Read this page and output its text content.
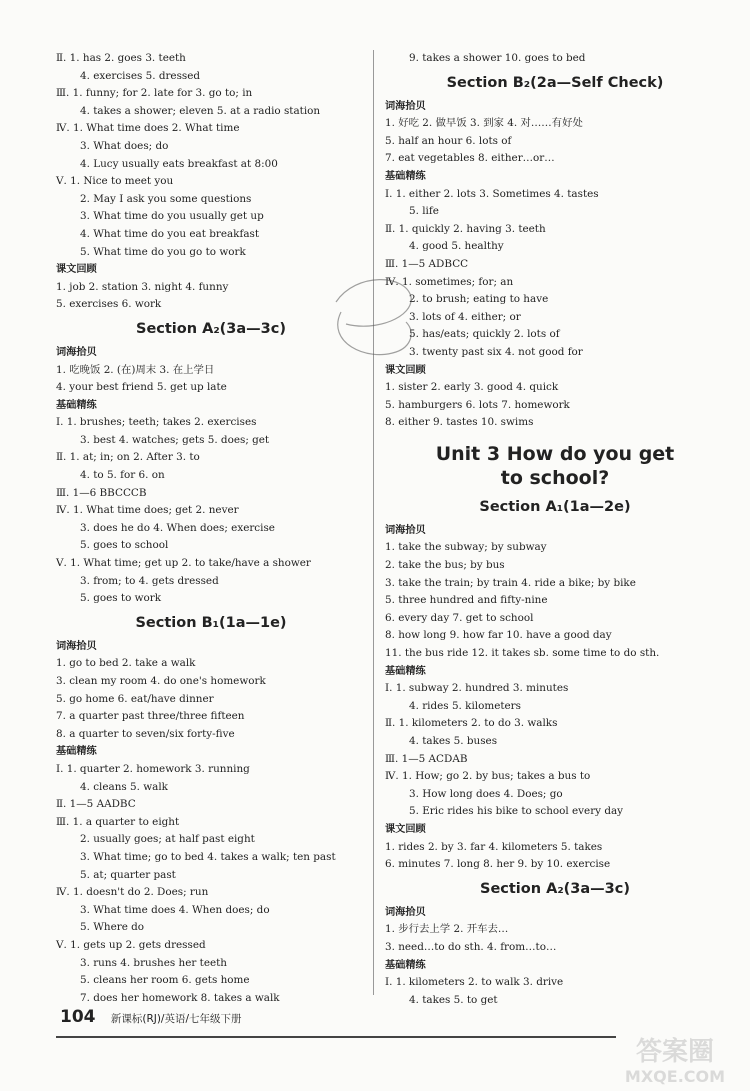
Ⅱ. 1. has 2. goes 3. teeth
4. exercises 5. dressed
Ⅲ. 1. funny; for 2. late for 3. go to; in
4. takes a shower; eleven 5. at a radio station
Ⅳ. 1. What time does 2. What time
3. What does; do
4. Lucy usually eats breakfast at 8:00
Ⅴ. 1. Nice to meet you
2. May I ask you some questions
3. What time do you usually get up
4. What time do you eat breakfast
5. What time do you go to work
课文回顾
1. job 2. station 3. night 4. funny
5. exercises 6. work
Section A₂(3a—3c)
词海拾贝
1. 吃晚饭 2. (在)周末 3. 在上学日
4. your best friend 5. get up late
基础精练
Ⅰ. 1. brushes; teeth; takes 2. exercises
3. best 4. watches; gets 5. does; get
Ⅱ. 1. at; in; on 2. After 3. to
4. to 5. for 6. on
Ⅲ. 1—6 BBCCCB
Ⅳ. 1. What time does; get 2. never
3. does he do 4. When does; exercise
5. goes to school
Ⅴ. 1. What time; get up 2. to take/have a shower
3. from; to 4. gets dressed
5. goes to work
Section B₁(1a—1e)
词海拾贝
1. go to bed 2. take a walk
3. clean my room 4. do one's homework
5. go home 6. eat/have dinner
7. a quarter past three/three fifteen
8. a quarter to seven/six forty-five
基础精练
Ⅰ. 1. quarter 2. homework 3. running
4. cleans 5. walk
Ⅱ. 1—5 AADBC
Ⅲ. 1. a quarter to eight
2. usually goes; at half past eight
3. What time; go to bed 4. takes a walk; ten past
5. at; quarter past
Ⅳ. 1. doesn't do 2. Does; run
3. What time does 4. When does; do
5. Where do
Ⅴ. 1. gets up 2. gets dressed
3. runs 4. brushes her teeth
5. cleans her room 6. gets home
7. does her homework 8. takes a walk
9. takes a shower 10. goes to bed
Section B₂(2a—Self Check)
词海拾贝
1. 好吃 2. 做早饭 3. 到家 4. 对……有好处
5. half an hour 6. lots of
7. eat vegetables 8. either…or…
基础精练
Ⅰ. 1. either 2. lots 3. Sometimes 4. tastes
5. life
Ⅱ. 1. quickly 2. having 3. teeth
4. good 5. healthy
Ⅲ. 1—5 ADBCC
Ⅳ. 1. sometimes; for; an
2. to brush; eating to have
3. lots of 4. either; or
5. has/eats; quickly 2. lots of
3. twenty past six 4. not good for
课文回顾
1. sister 2. early 3. good 4. quick
5. hamburgers 6. lots 7. homework
8. either 9. tastes 10. swims
Unit 3 How do you get
to school?
Section A₁(1a—2e)
词海拾贝
1. take the subway; by subway
2. take the bus; by bus
3. take the train; by train 4. ride a bike; by bike
5. three hundred and fifty-nine
6. every day 7. get to school
8. how long 9. how far 10. have a good day
11. the bus ride 12. it takes sb. some time to do sth.
基础精练
Ⅰ. 1. subway 2. hundred 3. minutes
4. rides 5. kilometers
Ⅱ. 1. kilometers 2. to do 3. walks
4. takes 5. buses
Ⅲ. 1—5 ACDAB
Ⅳ. 1. How; go 2. by bus; takes a bus to
3. How long does 4. Does; go
5. Eric rides his bike to school every day
课文回顾
1. rides 2. by 3. far 4. kilometers 5. takes
6. minutes 7. long 8. her 9. by 10. exercise
Section A₂(3a—3c)
词海拾贝
1. 步行去上学 2. 开车去…
3. need…to do sth. 4. from…to…
基础精练
Ⅰ. 1. kilometers 2. to walk 3. drive
4. takes 5. to get
104 新课标(RJ)/英语/七年级下册
答案圈
MXQE.COM
